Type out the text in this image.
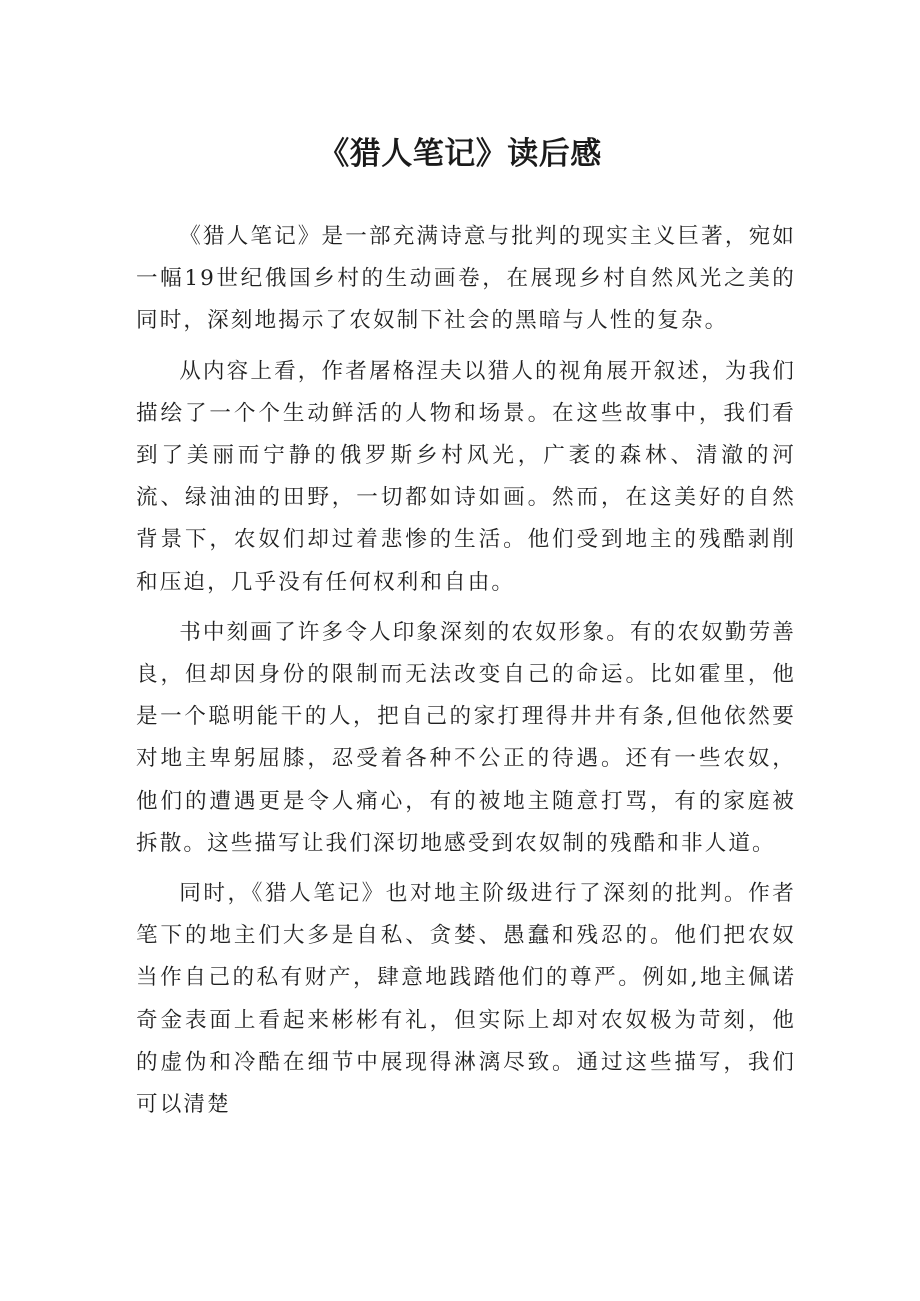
《猎人笔记》读后感

《猎人笔记》是一部充满诗意与批判的现实主义巨著，宛如一幅19世纪俄国乡村的生动画卷，在展现乡村自然风光之美的同时，深刻地揭示了农奴制下社会的黑暗与人性的复杂。

从内容上看，作者屠格涅夫以猎人的视角展开叙述，为我们描绘了一个个生动鲜活的人物和场景。在这些故事中，我们看到了美丽而宁静的俄罗斯乡村风光，广袤的森林、清澈的河流、绿油油的田野，一切都如诗如画。然而，在这美好的自然背景下，农奴们却过着悲惨的生活。他们受到地主的残酷剥削和压迫，几乎没有任何权利和自由。

书中刻画了许多令人印象深刻的农奴形象。有的农奴勤劳善良，但却因身份的限制而无法改变自己的命运。比如霍里，他是一个聪明能干的人，把自己的家打理得井井有条,但他依然要对地主卑躬屈膝，忍受着各种不公正的待遇。还有一些农奴，他们的遭遇更是令人痛心，有的被地主随意打骂，有的家庭被拆散。这些描写让我们深切地感受到农奴制的残酷和非人道。

同时，《猎人笔记》也对地主阶级进行了深刻的批判。作者笔下的地主们大多是自私、贪婪、愚蠢和残忍的。他们把农奴当作自己的私有财产，肆意地践踏他们的尊严。例如,地主佩诺奇金表面上看起来彬彬有礼，但实际上却对农奴极为苛刻，他的虚伪和冷酷在细节中展现得淋漓尽致。通过这些描写，我们可以清楚
